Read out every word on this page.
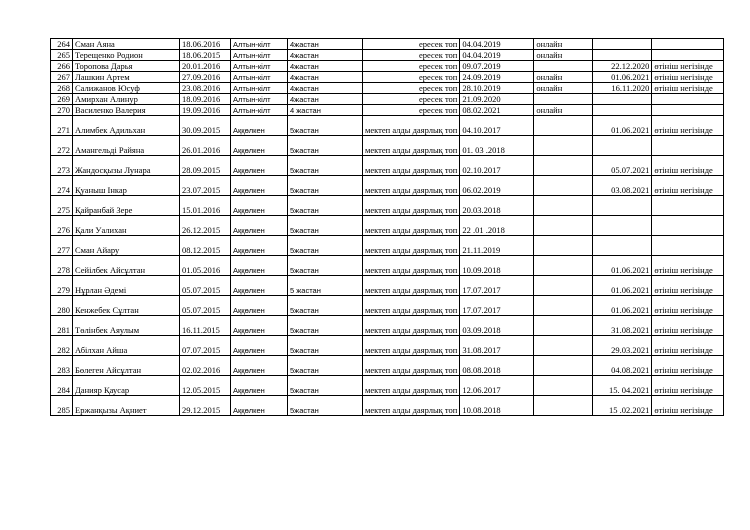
264	Сман Аяна	18.06.2016	Алтын-кілт	4жастан	ересек топ	04.04.2019	онлайн		
265	Терещенко Родион	18.06.2015	Алтын-кілт	4жастан	ересек топ	04.04.2019	онлайн		
266	Торопова Дарья	20.01.2016	Алтын-кілт	4жастан	ересек топ	09.07.2019		22.12.2020	өтініш негізінде
267	Лашкин Артем	27.09.2016	Алтын-кілт	4жастан	ересек топ	24.09.2019	онлайн	01.06.2021	өтініш негізінде
268	Салижанов Юсуф	23.08.2016	Алтын-кілт	4жастан	ересек топ	28.10.2019	онлайн	16.11.2020	өтініш негізінде
269	Амирхан Алинур	18.09.2016	Алтын-кілт	4жастан	ересек топ	21.09.2020			
270	Василенко Валерия	19.09.2016	Алтын-кілт	4 жастан	ересек топ	08.02.2021	онлайн		
271	Алимбек Адильхан	30.09.2015	Аққөлкен	5жастан	мектеп алды даярлық топ	04.10.2017		01.06.2021	өтініш негізінде
272	Амангельді Райяна	26.01.2016	Аққөлкен	5жастан	мектеп алды даярлық топ	01. 03 .2018			
273	Жандосқызы Лунара	28.09.2015	Аққөлкен	5жастан	мектеп алды даярлық топ	02.10.2017		05.07.2021	өтініш негізінде
274	Қуаныш Інкар	23.07.2015	Аққөлкен	5жастан	мектеп алды даярлық топ	06.02.2019		03.08.2021	өтініш негізінде
275	Қайранбай Зере	15.01.2016	Аққөлкен	5жастан	мектеп алды даярлық топ	20.03.2018			
276	Қали Уалихан	26.12.2015	Аққөлкен	5жастан	мектеп алды даярлық топ	22 .01 .2018			
277	Сман Айару	08.12.2015	Аққөлкен	5жастан	мектеп алды даярлық топ	21.11.2019			
278	Сейілбек Айсұлтан	01.05.2016	Аққөлкен	5жастан	мектеп алды даярлық топ	10.09.2018		01.06.2021	өтініш негізінде
279	Нұрлан Әдемі	05.07.2015	Аққөлкен	5 жастан	мектеп алды даярлық топ	17.07.2017		01.06.2021	өтініш негізінде
280	Кенжебек Сұлтан	05.07.2015	Аққөлкен	5жастан	мектеп алды даярлық топ	17.07.2017		01.06.2021	өтініш негізінде
281	Төлінбек Аяулым	16.11.2015	Аққөлкен	5жастан	мектеп алды даярлық топ	03.09.2018		31.08.2021	өтініш негізінде
282	Абілхан Айша	07.07.2015	Аққөлкен	5жастан	мектеп алды даярлық топ	31.08.2017		29.03.2021	өтініш негізінде
283	Бөлеген Айсұлтан	02.02.2016	Аққөлкен	5жастан	мектеп алды даярлық топ	08.08.2018		04.08.2021	өтініш негізінде
284	Данияр Қаусар	12.05.2015	Аққөлкен	5жастан	мектеп алды даярлық топ	12.06.2017		15. 04.2021	өтініш негізінде
285	Ержанқызы Ақниет	29.12.2015	Аққөлкен	5жастан	мектеп алды даярлық топ	10.08.2018		15 .02.2021	өтініш негізінде
